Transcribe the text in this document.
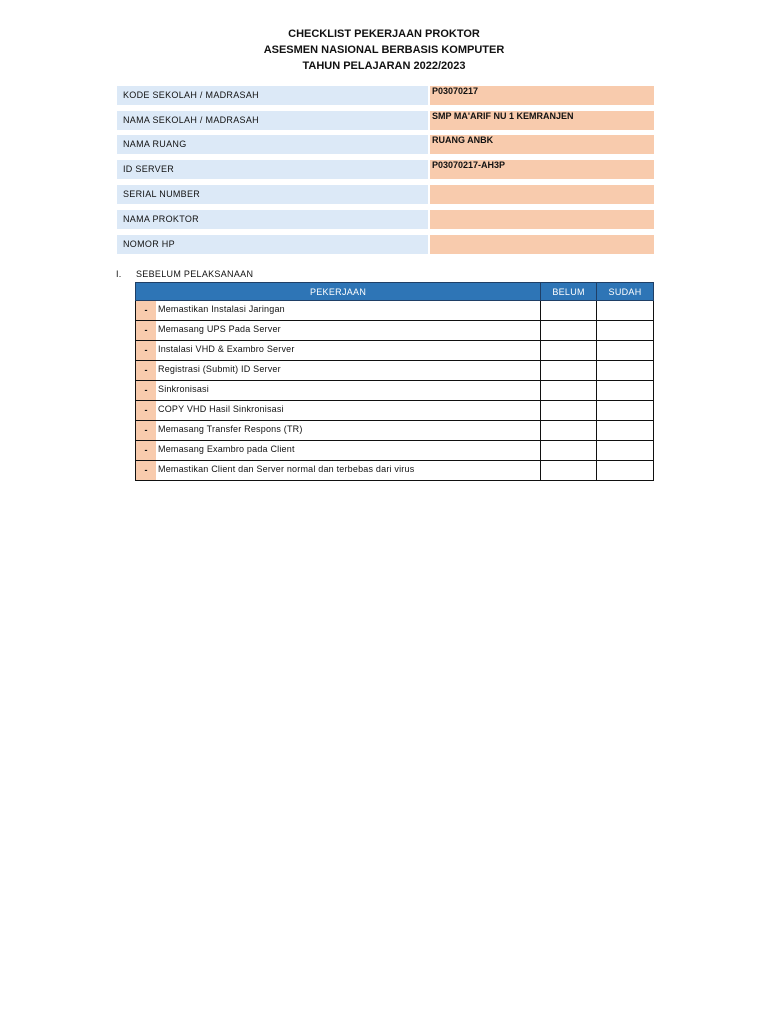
CHECKLIST PEKERJAAN PROKTOR
ASESMEN NASIONAL BERBASIS KOMPUTER
TAHUN PELAJARAN 2022/2023
KODE SEKOLAH / MADRASAH	P03070217
NAMA SEKOLAH / MADRASAH	SMP MA'ARIF NU 1 KEMRANJEN
NAMA RUANG	RUANG ANBK
ID SERVER	P03070217-AH3P
SERIAL NUMBER
NAMA PROKTOR
NOMOR HP
I. SEBELUM PELAKSANAAN
PEKERJAAN	BELUM	SUDAH

- Memastikan Instalasi Jaringan		

- Memasang UPS Pada Server		

- Instalasi VHD & Exambro Server		

- Registrasi (Submit) ID Server		

- Sinkronisasi		

- COPY VHD Hasil Sinkronisasi		

- Memasang Transfer Respons (TR)		

- Memasang Exambro pada Client		

- Memastikan Client dan Server normal dan terbebas dari virus		
